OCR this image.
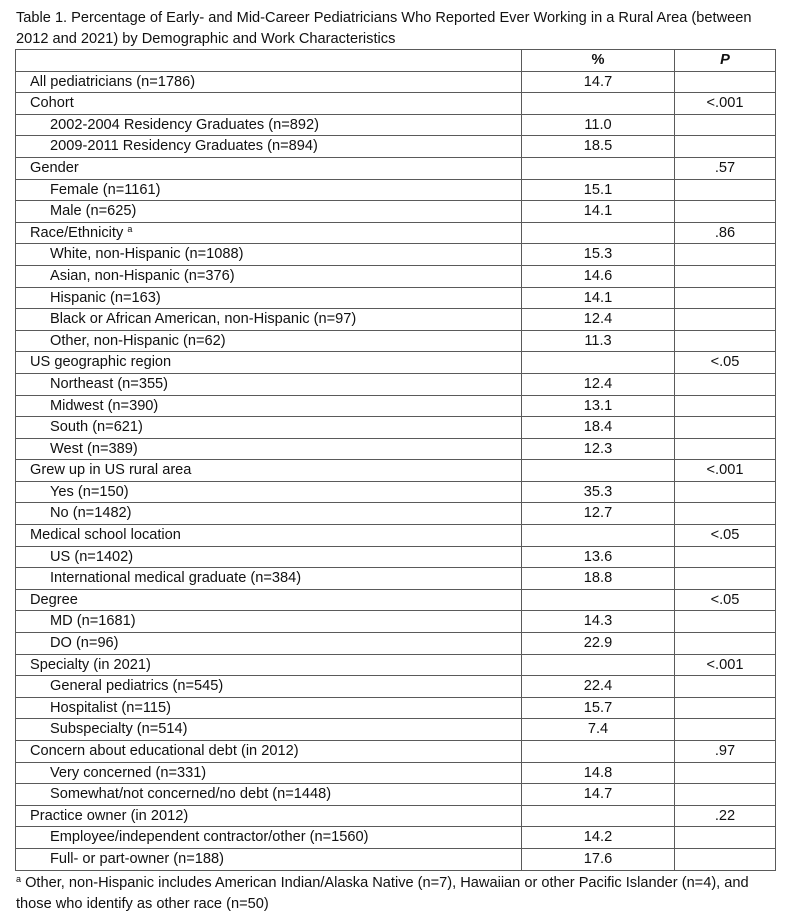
Table 1. Percentage of Early- and Mid-Career Pediatricians Who Reported Ever Working in a Rural Area (between 2012 and 2021) by Demographic and Work Characteristics
	%	P
All pediatricians (n=1786)	14.7	
Cohort		<.001
2002-2004 Residency Graduates (n=892)	11.0	
2009-2011 Residency Graduates (n=894)	18.5	
Gender		.57
Female (n=1161)	15.1	
Male (n=625)	14.1	
Race/Ethnicity $^a$		.86
White, non-Hispanic (n=1088)	15.3	
Asian, non-Hispanic (n=376)	14.6	
Hispanic (n=163)	14.1	
Black or African American, non-Hispanic (n=97)	12.4	
Other, non-Hispanic (n=62)	11.3	
US geographic region		<.05
Northeast (n=355)	12.4	
Midwest (n=390)	13.1	
South (n=621)	18.4	
West (n=389)	12.3	
Grew up in US rural area		<.001
Yes (n=150)	35.3	
No (n=1482)	12.7	
Medical school location		<.05
US (n=1402)	13.6	
International medical graduate (n=384)	18.8	
Degree		<.05
MD (n=1681)	14.3	
DO (n=96)	22.9	
Specialty (in 2021)		<.001
General pediatrics (n=545)	22.4	
Hospitalist (n=115)	15.7	
Subspecialty (n=514)	7.4	
Concern about educational debt (in 2012)		.97
Very concerned (n=331)	14.8	
Somewhat/not concerned/no debt (n=1448)	14.7	
Practice owner (in 2012)		.22
Employee/independent contractor/other (n=1560)	14.2	
Full- or part-owner (n=188)	17.6	
$^a$ Other, non-Hispanic includes American Indian/Alaska Native (n=7), Hawaiian or other Pacific Islander (n=4), and those who identify as other race (n=50)
